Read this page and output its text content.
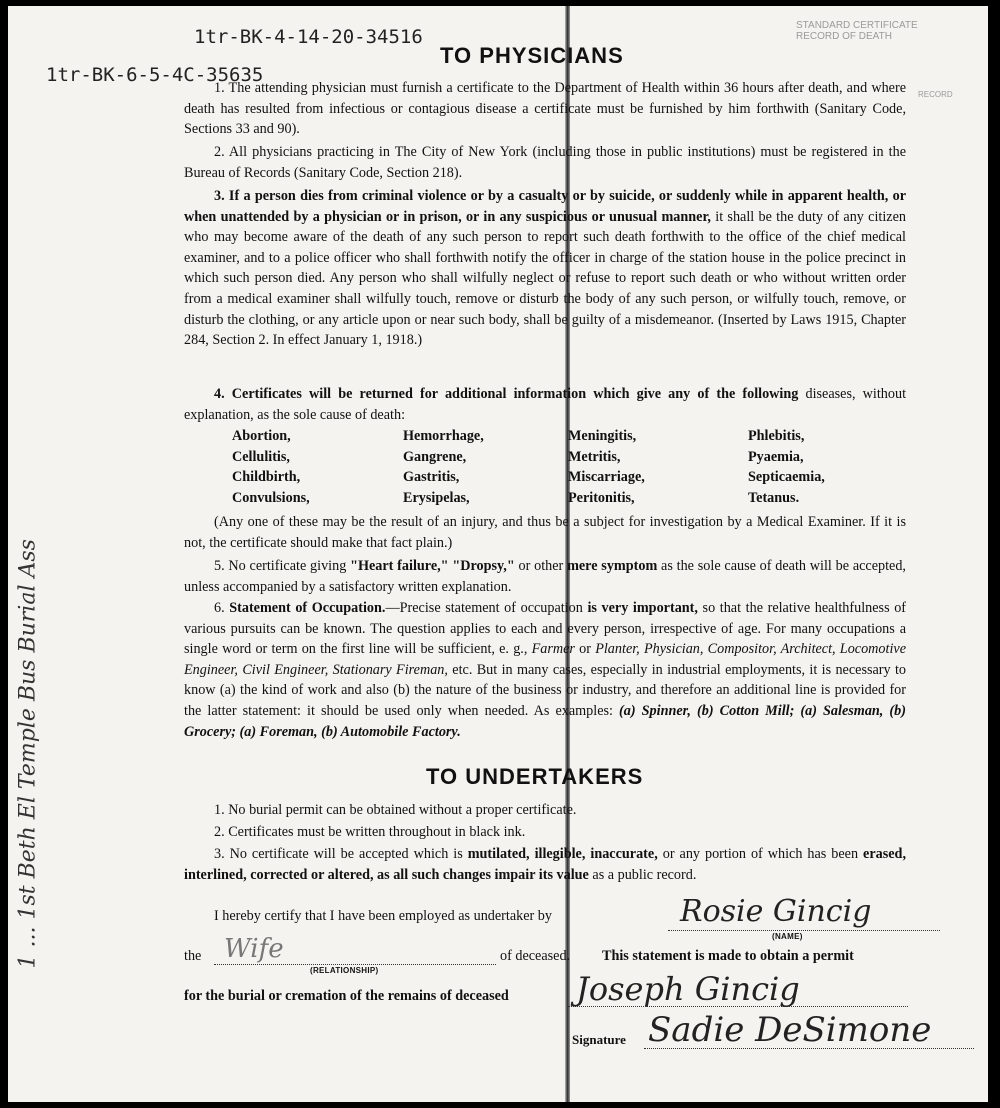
STANDARD CERTIFICATE
RECORD OF DEATH
RECORD
1tr-BK-4-14-20-34516
1tr-BK-6-5-4C-35635
1 ... 1st Beth El Temple Bus Burial Ass
TO PHYSICIANS
1. The attending physician must furnish a certificate to the Department of Health within 36 hours after death, and where death has resulted from infectious or contagious disease a certificate must be furnished by him forthwith (Sanitary Code, Sections 33 and 90).
2. All physicians practicing in The City of New York (including those in public institutions) must be registered in the Bureau of Records (Sanitary Code, Section 218).
3. If a person dies from criminal violence or by a casualty or by suicide, or suddenly while in apparent health, or when unattended by a physician or in prison, or in any suspicious or unusual manner, it shall be the duty of any citizen who may become aware of the death of any such person to report such death forthwith to the office of the chief medical examiner, and to a police officer who shall forthwith notify the officer in charge of the station house in the police precinct in which such person died. Any person who shall wilfully neglect or refuse to report such death or who without written order from a medical examiner shall wilfully touch, remove or disturb the body of any such person, or wilfully touch, remove, or disturb the clothing, or any article upon or near such body, shall be guilty of a misdemeanor. (Inserted by Laws 1915, Chapter 284, Section 2. In effect January 1, 1918.)
4. Certificates will be returned for additional information which give any of the following diseases, without explanation, as the sole cause of death:
Abortion,
Cellulitis,
Childbirth,
Convulsions,
Hemorrhage,
Gangrene,
Gastritis,
Erysipelas,
Meningitis,
Metritis,
Miscarriage,
Peritonitis,
Phlebitis,
Pyaemia,
Septicaemia,
Tetanus.
(Any one of these may be the result of an injury, and thus be a subject for investigation by a Medical Examiner. If it is not, the certificate should make that fact plain.)
5. No certificate giving "Heart failure," "Dropsy," or other mere symptom as the sole cause of death will be accepted, unless accompanied by a satisfactory written explanation.
6. Statement of Occupation.—Precise statement of occupation is very important, so that the relative healthfulness of various pursuits can be known. The question applies to each and every person, irrespective of age. For many occupations a single word or term on the first line will be sufficient, e. g., Farmer or Planter, Physician, Compositor, Architect, Locomotive Engineer, Civil Engineer, Stationary Fireman, etc. But in many cases, especially in industrial employments, it is necessary to know (a) the kind of work and also (b) the nature of the business or industry, and therefore an additional line is provided for the latter statement: it should be used only when needed. As examples: (a) Spinner, (b) Cotton Mill; (a) Salesman, (b) Grocery; (a) Foreman, (b) Automobile Factory.
TO UNDERTAKERS
1. No burial permit can be obtained without a proper certificate.
2. Certificates must be written throughout in black ink.
3. No certificate will be accepted which is mutilated, illegible, inaccurate, or any portion of which has been erased, interlined, corrected or altered, as all such changes impair its value as a public record.
I hereby certify that I have been employed as undertaker by	Rosie Gincig
(NAME)
the Wife
(RELATIONSHIP)
of deceased. This statement is made to obtain a permit
for the burial or cremation of the remains of deceased Joseph Gincig
Signature Sadie DeSimone
